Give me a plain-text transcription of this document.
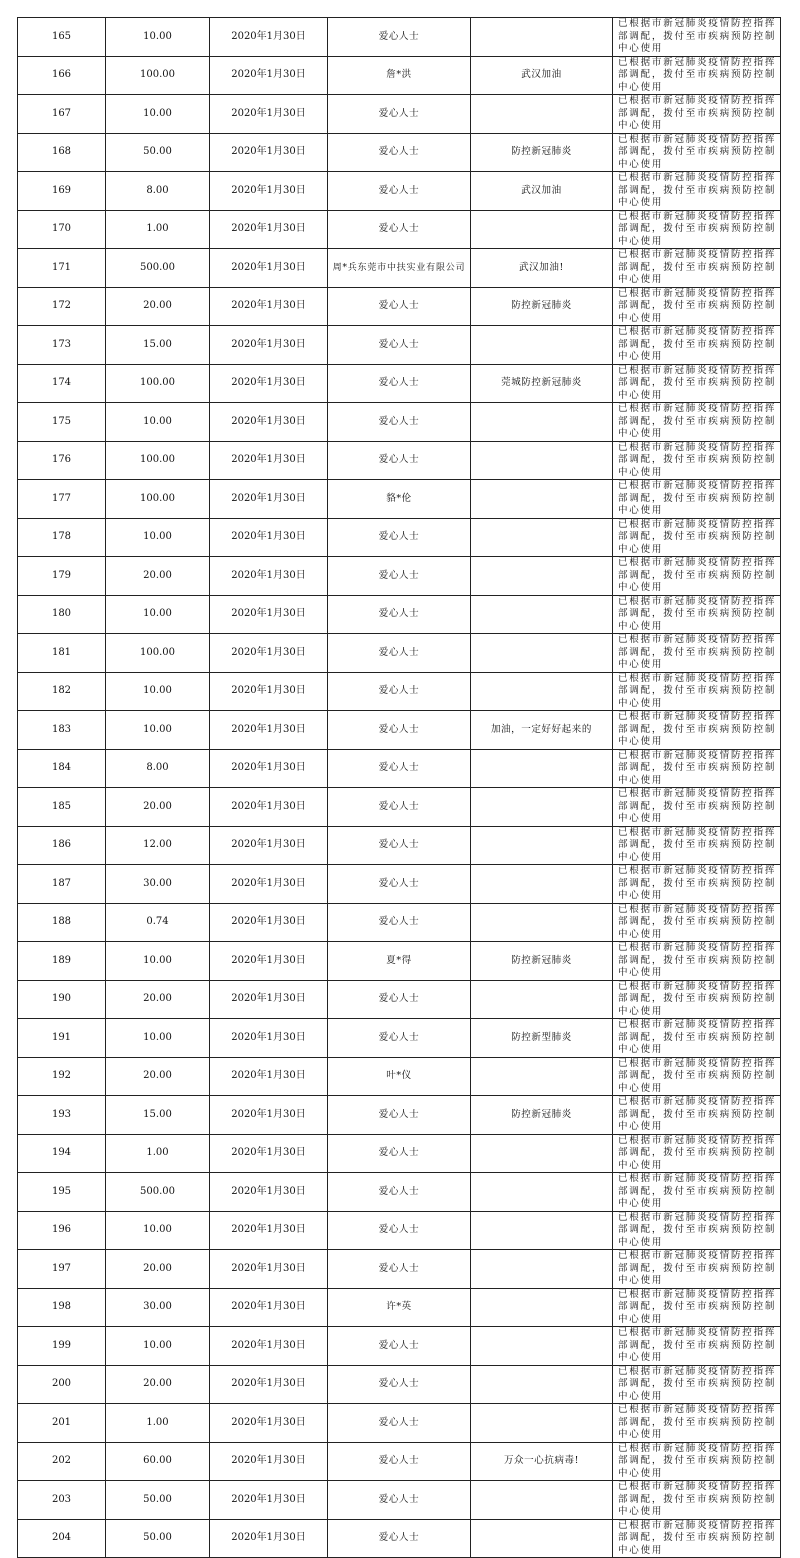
165	10.00	2020年1月30日	爱心人士		已根据市新冠肺炎疫情防控指挥部调配，拨付至市疾病预防控制中心使用
166	100.00	2020年1月30日	詹*洪	武汉加油	已根据市新冠肺炎疫情防控指挥部调配，拨付至市疾病预防控制中心使用
167	10.00	2020年1月30日	爱心人士		已根据市新冠肺炎疫情防控指挥部调配，拨付至市疾病预防控制中心使用
168	50.00	2020年1月30日	爱心人士	防控新冠肺炎	已根据市新冠肺炎疫情防控指挥部调配，拨付至市疾病预防控制中心使用
169	8.00	2020年1月30日	爱心人士	武汉加油	已根据市新冠肺炎疫情防控指挥部调配，拨付至市疾病预防控制中心使用
170	1.00	2020年1月30日	爱心人士		已根据市新冠肺炎疫情防控指挥部调配，拨付至市疾病预防控制中心使用
171	500.00	2020年1月30日	周*兵东莞市中扶实业有限公司	武汉加油!	已根据市新冠肺炎疫情防控指挥部调配，拨付至市疾病预防控制中心使用
172	20.00	2020年1月30日	爱心人士	防控新冠肺炎	已根据市新冠肺炎疫情防控指挥部调配，拨付至市疾病预防控制中心使用
173	15.00	2020年1月30日	爱心人士		已根据市新冠肺炎疫情防控指挥部调配，拨付至市疾病预防控制中心使用
174	100.00	2020年1月30日	爱心人士	莞城防控新冠肺炎	已根据市新冠肺炎疫情防控指挥部调配，拨付至市疾病预防控制中心使用
175	10.00	2020年1月30日	爱心人士		已根据市新冠肺炎疫情防控指挥部调配，拨付至市疾病预防控制中心使用
176	100.00	2020年1月30日	爱心人士		已根据市新冠肺炎疫情防控指挥部调配，拨付至市疾病预防控制中心使用
177	100.00	2020年1月30日	貉*伦		已根据市新冠肺炎疫情防控指挥部调配，拨付至市疾病预防控制中心使用
178	10.00	2020年1月30日	爱心人士		已根据市新冠肺炎疫情防控指挥部调配，拨付至市疾病预防控制中心使用
179	20.00	2020年1月30日	爱心人士		已根据市新冠肺炎疫情防控指挥部调配，拨付至市疾病预防控制中心使用
180	10.00	2020年1月30日	爱心人士		已根据市新冠肺炎疫情防控指挥部调配，拨付至市疾病预防控制中心使用
181	100.00	2020年1月30日	爱心人士		已根据市新冠肺炎疫情防控指挥部调配，拨付至市疾病预防控制中心使用
182	10.00	2020年1月30日	爱心人士		已根据市新冠肺炎疫情防控指挥部调配，拨付至市疾病预防控制中心使用
183	10.00	2020年1月30日	爱心人士	加油，一定好好起来的	已根据市新冠肺炎疫情防控指挥部调配，拨付至市疾病预防控制中心使用
184	8.00	2020年1月30日	爱心人士		已根据市新冠肺炎疫情防控指挥部调配，拨付至市疾病预防控制中心使用
185	20.00	2020年1月30日	爱心人士		已根据市新冠肺炎疫情防控指挥部调配，拨付至市疾病预防控制中心使用
186	12.00	2020年1月30日	爱心人士		已根据市新冠肺炎疫情防控指挥部调配，拨付至市疾病预防控制中心使用
187	30.00	2020年1月30日	爱心人士		已根据市新冠肺炎疫情防控指挥部调配，拨付至市疾病预防控制中心使用
188	0.74	2020年1月30日	爱心人士		已根据市新冠肺炎疫情防控指挥部调配，拨付至市疾病预防控制中心使用
189	10.00	2020年1月30日	夏*得	防控新冠肺炎	已根据市新冠肺炎疫情防控指挥部调配，拨付至市疾病预防控制中心使用
190	20.00	2020年1月30日	爱心人士		已根据市新冠肺炎疫情防控指挥部调配，拨付至市疾病预防控制中心使用
191	10.00	2020年1月30日	爱心人士	防控新型肺炎	已根据市新冠肺炎疫情防控指挥部调配，拨付至市疾病预防控制中心使用
192	20.00	2020年1月30日	叶*仪		已根据市新冠肺炎疫情防控指挥部调配，拨付至市疾病预防控制中心使用
193	15.00	2020年1月30日	爱心人士	防控新冠肺炎	已根据市新冠肺炎疫情防控指挥部调配，拨付至市疾病预防控制中心使用
194	1.00	2020年1月30日	爱心人士		已根据市新冠肺炎疫情防控指挥部调配，拨付至市疾病预防控制中心使用
195	500.00	2020年1月30日	爱心人士		已根据市新冠肺炎疫情防控指挥部调配，拨付至市疾病预防控制中心使用
196	10.00	2020年1月30日	爱心人士		已根据市新冠肺炎疫情防控指挥部调配，拨付至市疾病预防控制中心使用
197	20.00	2020年1月30日	爱心人士		已根据市新冠肺炎疫情防控指挥部调配，拨付至市疾病预防控制中心使用
198	30.00	2020年1月30日	许*英		已根据市新冠肺炎疫情防控指挥部调配，拨付至市疾病预防控制中心使用
199	10.00	2020年1月30日	爱心人士		已根据市新冠肺炎疫情防控指挥部调配，拨付至市疾病预防控制中心使用
200	20.00	2020年1月30日	爱心人士		已根据市新冠肺炎疫情防控指挥部调配，拨付至市疾病预防控制中心使用
201	1.00	2020年1月30日	爱心人士		已根据市新冠肺炎疫情防控指挥部调配，拨付至市疾病预防控制中心使用
202	60.00	2020年1月30日	爱心人士	万众一心抗病毒!	已根据市新冠肺炎疫情防控指挥部调配，拨付至市疾病预防控制中心使用
203	50.00	2020年1月30日	爱心人士		已根据市新冠肺炎疫情防控指挥部调配，拨付至市疾病预防控制中心使用
204	50.00	2020年1月30日	爱心人士		已根据市新冠肺炎疫情防控指挥部调配，拨付至市疾病预防控制中心使用
